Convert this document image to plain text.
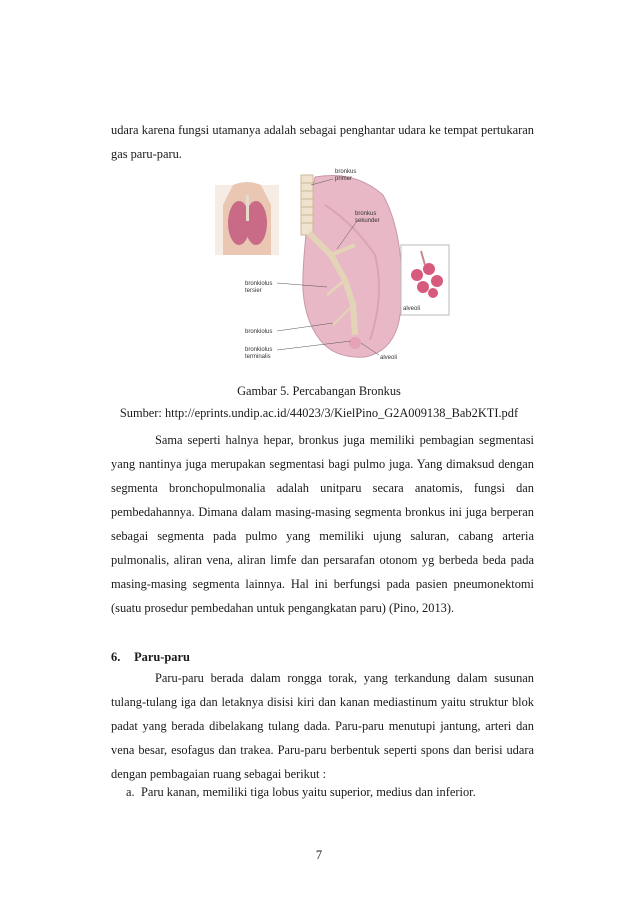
udara karena fungsi utamanya adalah sebagai penghantar udara ke tempat pertukaran gas paru-paru.
bronkus
primer
bronkus
sekunder
bronkiolus
tersier
bronkiolus
bronkiolus
terminalis
alveoli
alveoli
Gambar 5. Percabangan Bronkus
Sumber: http://eprints.undip.ac.id/44023/3/KielPino_G2A009138_Bab2KTI.pdf
Sama seperti halnya hepar, bronkus juga memiliki pembagian segmentasi yang nantinya juga merupakan segmentasi bagi pulmo juga. Yang dimaksud dengan segmenta bronchopulmonalia adalah unitparu secara anatomis, fungsi dan pembedahannya. Dimana dalam masing-masing segmenta bronkus ini juga berperan sebagai segmenta pada pulmo yang memiliki ujung saluran, cabang arteria pulmonalis, aliran vena, aliran limfe dan persarafan otonom yg berbeda beda pada masing-masing segmenta lainnya. Hal ini berfungsi pada pasien pneumonektomi (suatu prosedur pembedahan untuk pengangkatan paru) (Pino, 2013).
6. Paru-paru
Paru-paru berada dalam rongga torak, yang terkandung dalam susunan tulang-tulang iga dan letaknya disisi kiri dan kanan mediastinum yaitu struktur blok padat yang berada dibelakang tulang dada. Paru-paru menutupi jantung, arteri dan vena besar, esofagus dan trakea. Paru-paru berbentuk seperti spons dan berisi udara dengan pembagaian ruang sebagai berikut :
a. Paru kanan, memiliki tiga lobus yaitu superior, medius dan inferior.
7
